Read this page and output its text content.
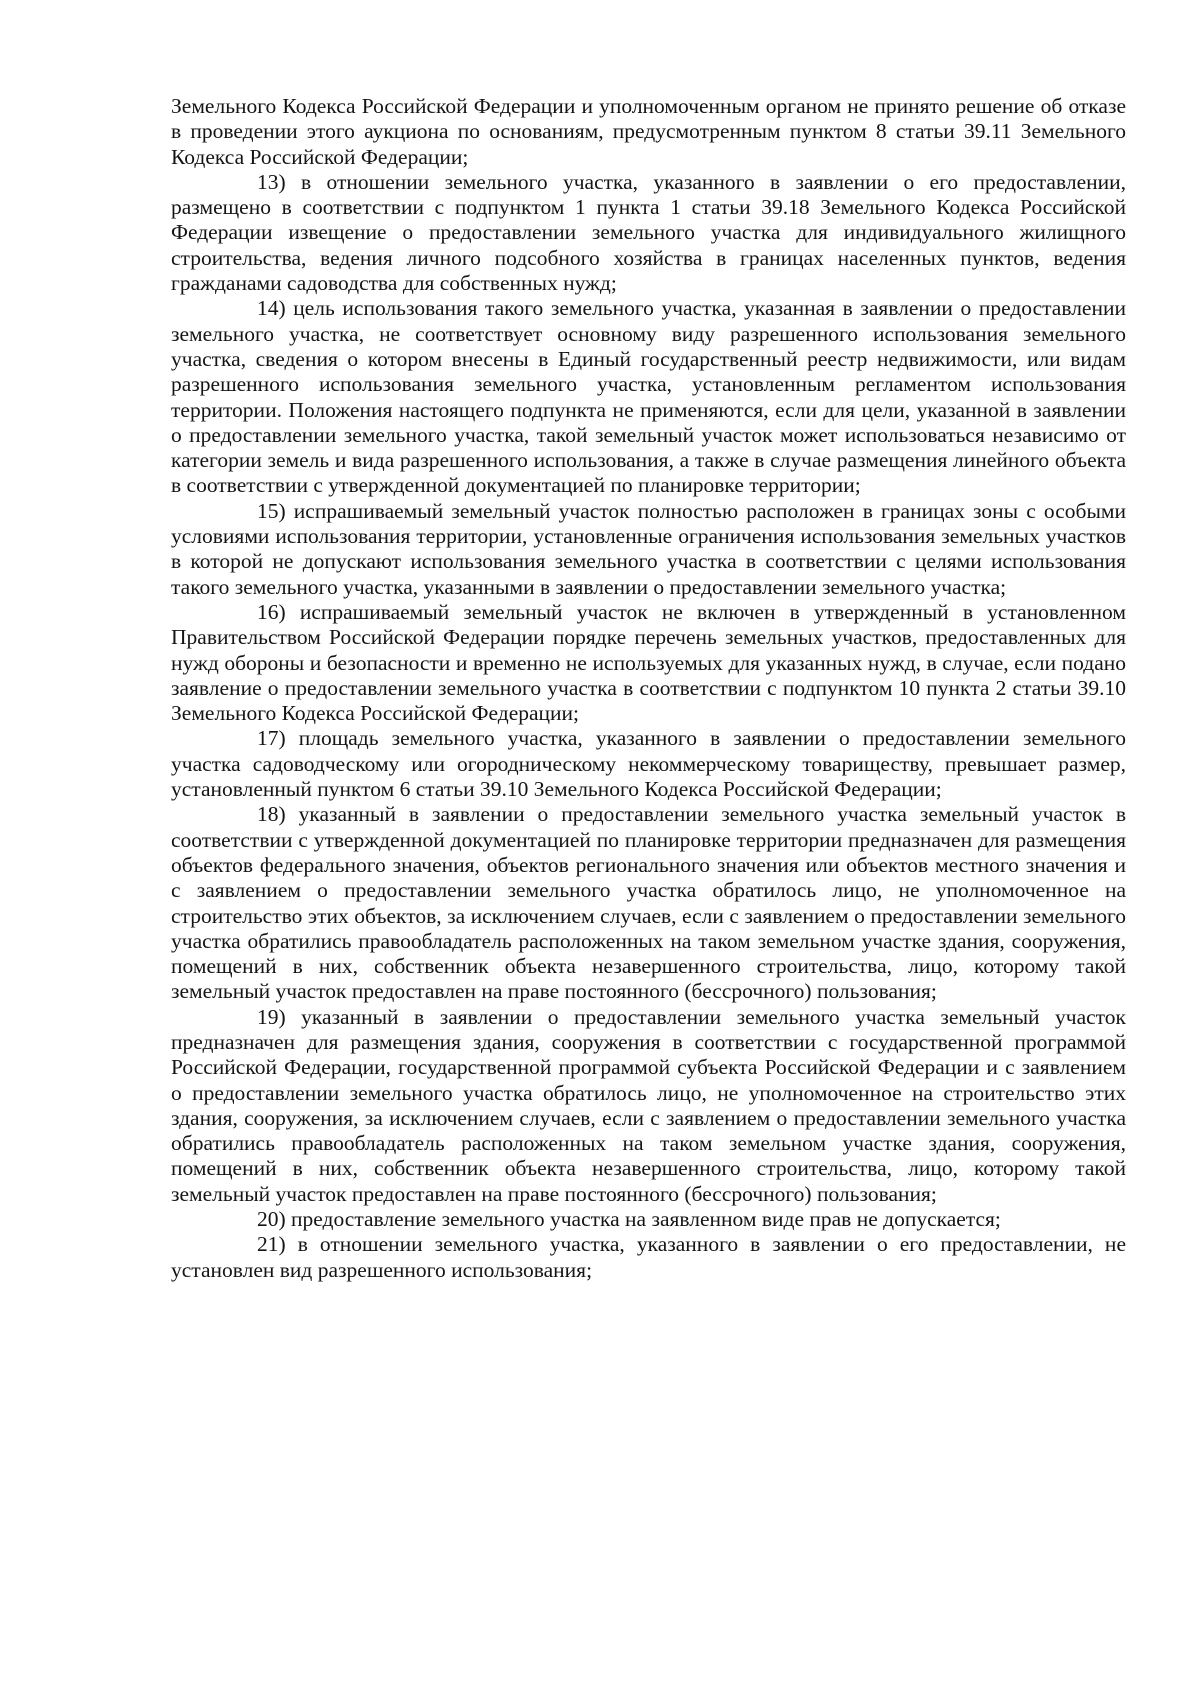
Земельного Кодекса Российской Федерации и уполномоченным органом не принято решение об отказе в проведении этого аукциона по основаниям, предусмотренным пунктом 8 статьи 39.11 Земельного Кодекса Российской Федерации;

13) в отношении земельного участка, указанного в заявлении о его предоставлении, размещено в соответствии с подпунктом 1 пункта 1 статьи 39.18 Земельного Кодекса Российской Федерации извещение о предоставлении земельного участка для индивидуального жилищного строительства, ведения личного подсобного хозяйства в границах населенных пунктов, ведения гражданами садоводства для собственных нужд;

14) цель использования такого земельного участка, указанная в заявлении о предоставлении земельного участка, не соответствует основному виду разрешенного использования земельного участка, сведения о котором внесены в Единый государственный реестр недвижимости, или видам разрешенного использования земельного участка, установленным регламентом использования территории. Положения настоящего подпункта не применяются, если для цели, указанной в заявлении о предоставлении земельного участка, такой земельный участок может использоваться независимо от категории земель и вида разрешенного использования, а также в случае размещения линейного объекта в соответствии с утвержденной документацией по планировке территории;

15) испрашиваемый земельный участок полностью расположен в границах зоны с особыми условиями использования территории, установленные ограничения использования земельных участков в которой не допускают использования земельного участка в соответствии с целями использования такого земельного участка, указанными в заявлении о предоставлении земельного участка;

16) испрашиваемый земельный участок не включен в утвержденный в установленном Правительством Российской Федерации порядке перечень земельных участков, предоставленных для нужд обороны и безопасности и временно не используемых для указанных нужд, в случае, если подано заявление о предоставлении земельного участка в соответствии с подпунктом 10 пункта 2 статьи 39.10 Земельного Кодекса Российской Федерации;

17) площадь земельного участка, указанного в заявлении о предоставлении земельного участка садоводческому или огородническому некоммерческому товариществу, превышает размер, установленный пунктом 6 статьи 39.10 Земельного Кодекса Российской Федерации;

18) указанный в заявлении о предоставлении земельного участка земельный участок в соответствии с утвержденной документацией по планировке территории предназначен для размещения объектов федерального значения, объектов регионального значения или объектов местного значения и с заявлением о предоставлении земельного участка обратилось лицо, не уполномоченное на строительство этих объектов, за исключением случаев, если с заявлением о предоставлении земельного участка обратились правообладатель расположенных на таком земельном участке здания, сооружения, помещений в них, собственник объекта незавершенного строительства, лицо, которому такой земельный участок предоставлен на праве постоянного (бессрочного) пользования;

19) указанный в заявлении о предоставлении земельного участка земельный участок предназначен для размещения здания, сооружения в соответствии с государственной программой Российской Федерации, государственной программой субъекта Российской Федерации и с заявлением о предоставлении земельного участка обратилось лицо, не уполномоченное на строительство этих здания, сооружения, за исключением случаев, если с заявлением о предоставлении земельного участка обратились правообладатель расположенных на таком земельном участке здания, сооружения, помещений в них, собственник объекта незавершенного строительства, лицо, которому такой земельный участок предоставлен на праве постоянного (бессрочного) пользования;

20) предоставление земельного участка на заявленном виде прав не допускается;

21) в отношении земельного участка, указанного в заявлении о его предоставлении, не установлен вид разрешенного использования;
